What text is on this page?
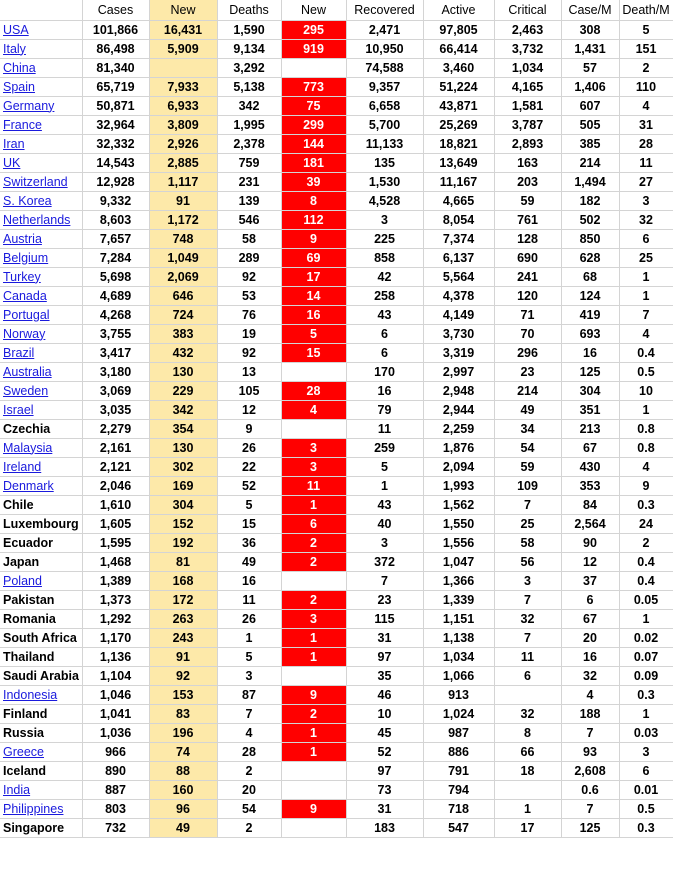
	Cases	New	Deaths	New	Recovered	Active	Critical	Case/M	Death/M
USA	101,866	16,431	1,590	295	2,471	97,805	2,463	308	5
Italy	86,498	5,909	9,134	919	10,950	66,414	3,732	1,431	151
China	81,340		3,292		74,588	3,460	1,034	57	2
Spain	65,719	7,933	5,138	773	9,357	51,224	4,165	1,406	110
Germany	50,871	6,933	342	75	6,658	43,871	1,581	607	4
France	32,964	3,809	1,995	299	5,700	25,269	3,787	505	31
Iran	32,332	2,926	2,378	144	11,133	18,821	2,893	385	28
UK	14,543	2,885	759	181	135	13,649	163	214	11
Switzerland	12,928	1,117	231	39	1,530	11,167	203	1,494	27
S. Korea	9,332	91	139	8	4,528	4,665	59	182	3
Netherlands	8,603	1,172	546	112	3	8,054	761	502	32
Austria	7,657	748	58	9	225	7,374	128	850	6
Belgium	7,284	1,049	289	69	858	6,137	690	628	25
Turkey	5,698	2,069	92	17	42	5,564	241	68	1
Canada	4,689	646	53	14	258	4,378	120	124	1
Portugal	4,268	724	76	16	43	4,149	71	419	7
Norway	3,755	383	19	5	6	3,730	70	693	4
Brazil	3,417	432	92	15	6	3,319	296	16	0.4
Australia	3,180	130	13		170	2,997	23	125	0.5
Sweden	3,069	229	105	28	16	2,948	214	304	10
Israel	3,035	342	12	4	79	2,944	49	351	1
Czechia	2,279	354	9		11	2,259	34	213	0.8
Malaysia	2,161	130	26	3	259	1,876	54	67	0.8
Ireland	2,121	302	22	3	5	2,094	59	430	4
Denmark	2,046	169	52	11	1	1,993	109	353	9
Chile	1,610	304	5	1	43	1,562	7	84	0.3
Luxembourg	1,605	152	15	6	40	1,550	25	2,564	24
Ecuador	1,595	192	36	2	3	1,556	58	90	2
Japan	1,468	81	49	2	372	1,047	56	12	0.4
Poland	1,389	168	16		7	1,366	3	37	0.4
Pakistan	1,373	172	11	2	23	1,339	7	6	0.05
Romania	1,292	263	26	3	115	1,151	32	67	1
South Africa	1,170	243	1	1	31	1,138	7	20	0.02
Thailand	1,136	91	5	1	97	1,034	11	16	0.07
Saudi Arabia	1,104	92	3		35	1,066	6	32	0.09
Indonesia	1,046	153	87	9	46	913		4	0.3
Finland	1,041	83	7	2	10	1,024	32	188	1
Russia	1,036	196	4	1	45	987	8	7	0.03
Greece	966	74	28	1	52	886	66	93	3
Iceland	890	88	2		97	791	18	2,608	6
India	887	160	20		73	794		0.6	0.01
Philippines	803	96	54	9	31	718	1	7	0.5
Singapore	732	49	2		183	547	17	125	0.3
